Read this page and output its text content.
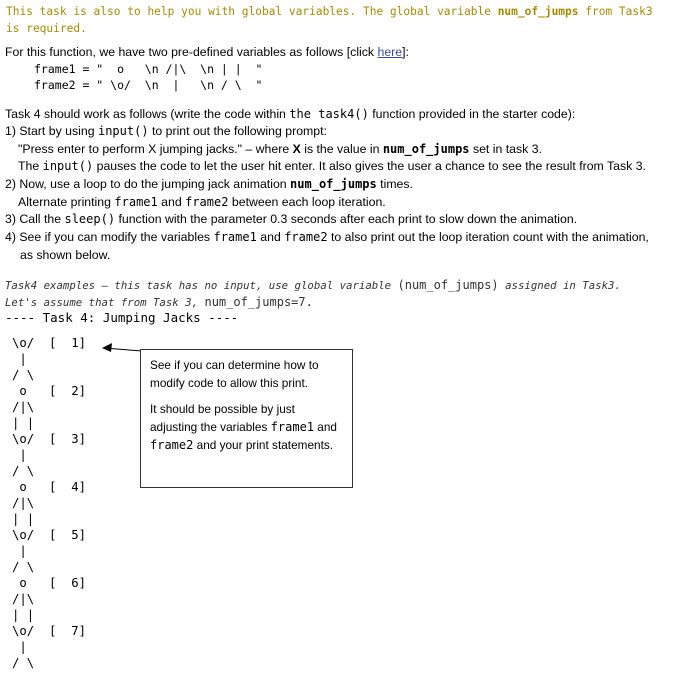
This task is also to help you with global variables. The global variable num_of_jumps from Task3
is required.
For this function, we have two pre-defined variables as follows [click here]:
frame1 = "  o   \n /|\  \n | |  "
frame2 = " \o/  \n  |   \n / \  "
Task 4 should work as follows (write the code within the task4() function provided in the starter code):
1) Start by using input() to print out the following prompt:
"Press enter to perform X jumping jacks." – where X is the value in num_of_jumps set in task 3.
The input() pauses the code to let the user hit enter. It also gives the user a chance to see the result from Task 3.
2) Now, use a loop to do the jumping jack animation num_of_jumps times.
Alternate printing frame1 and frame2 between each loop iteration.
3) Call the sleep() function with the parameter 0.3 seconds after each print to slow down the animation.
4) See if you can modify the variables frame1 and frame2 to also print out the loop iteration count with the animation,
as shown below.
Task4 examples – this task has no input, use global variable (num_of_jumps) assigned in Task3.
Let's assume that from Task 3, num_of_jumps=7.
---- Task 4: Jumping Jacks ----
\o/  [  1]
|
/ \
o   [  2]
/|\
| |
\o/  [  3]
|
/ \
o   [  4]
/|\
| |
\o/  [  5]
|
/ \
o   [  6]
/|\
| |
\o/  [  7]
|
/ \

See if you can determine how to modify code to allow this print.

It should be possible by just adjusting the variables frame1 and frame2 and your print statements.
